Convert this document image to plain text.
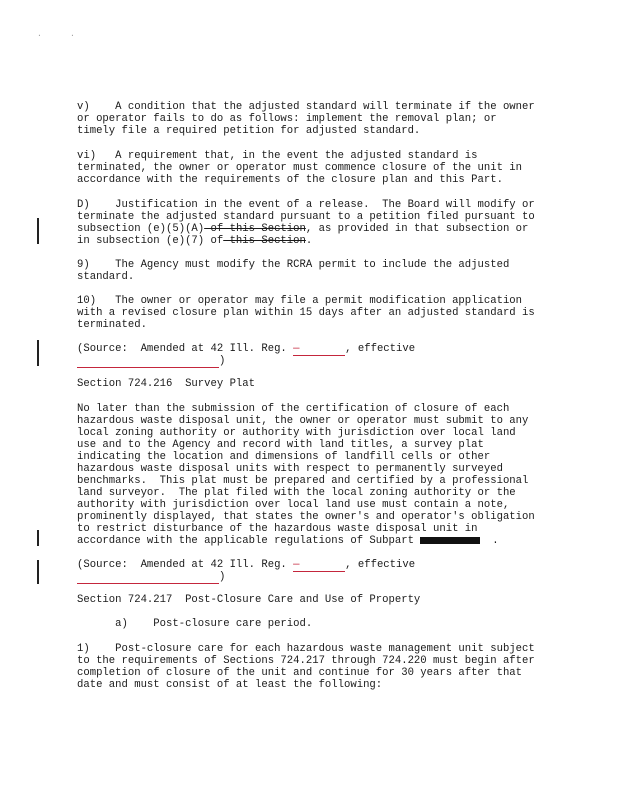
.	.
v)    A condition that the adjusted standard will terminate if the owner
or operator fails to do as follows: implement the removal plan; or
timely file a required petition for adjusted standard.
vi)   A requirement that, in the event the adjusted standard is
terminated, the owner or operator must commence closure of the unit in
accordance with the requirements of the closure plan and this Part.
D)    Justification in the event of a release.  The Board will modify or
terminate the adjusted standard pursuant to a petition filed pursuant to
subsection (e)(5)(A) of this Section, as provided in that subsection or
in subsection (e)(7) of this Section.
9)    The Agency must modify the RCRA permit to include the adjusted
standard.
10)   The owner or operator may file a permit modification application
with a revised closure plan within 15 days after an adjusted standard is
terminated.
(Source:  Amended at 42 Ill. Reg. —	, effective
)
Section 724.216  Survey Plat
No later than the submission of the certification of closure of each
hazardous waste disposal unit, the owner or operator must submit to any
local zoning authority or authority with jurisdiction over local land
use and to the Agency and record with land titles, a survey plat
indicating the location and dimensions of landfill cells or other
hazardous waste disposal units with respect to permanently surveyed
benchmarks.  This plat must be prepared and certified by a professional
land surveyor.  The plat filed with the local zoning authority or the
authority with jurisdiction over local land use must contain a note,
prominently displayed, that states the owner's and operator's obligation
to restrict disturbance of the hazardous waste disposal unit in
accordance with the applicable regulations of Subpart	.
(Source:  Amended at 42 Ill. Reg. —	, effective
)
Section 724.217  Post-Closure Care and Use of Property
a)    Post-closure care period.
1)    Post-closure care for each hazardous waste management unit subject
to the requirements of Sections 724.217 through 724.220 must begin after
completion of closure of the unit and continue for 30 years after that
date and must consist of at least the following:
